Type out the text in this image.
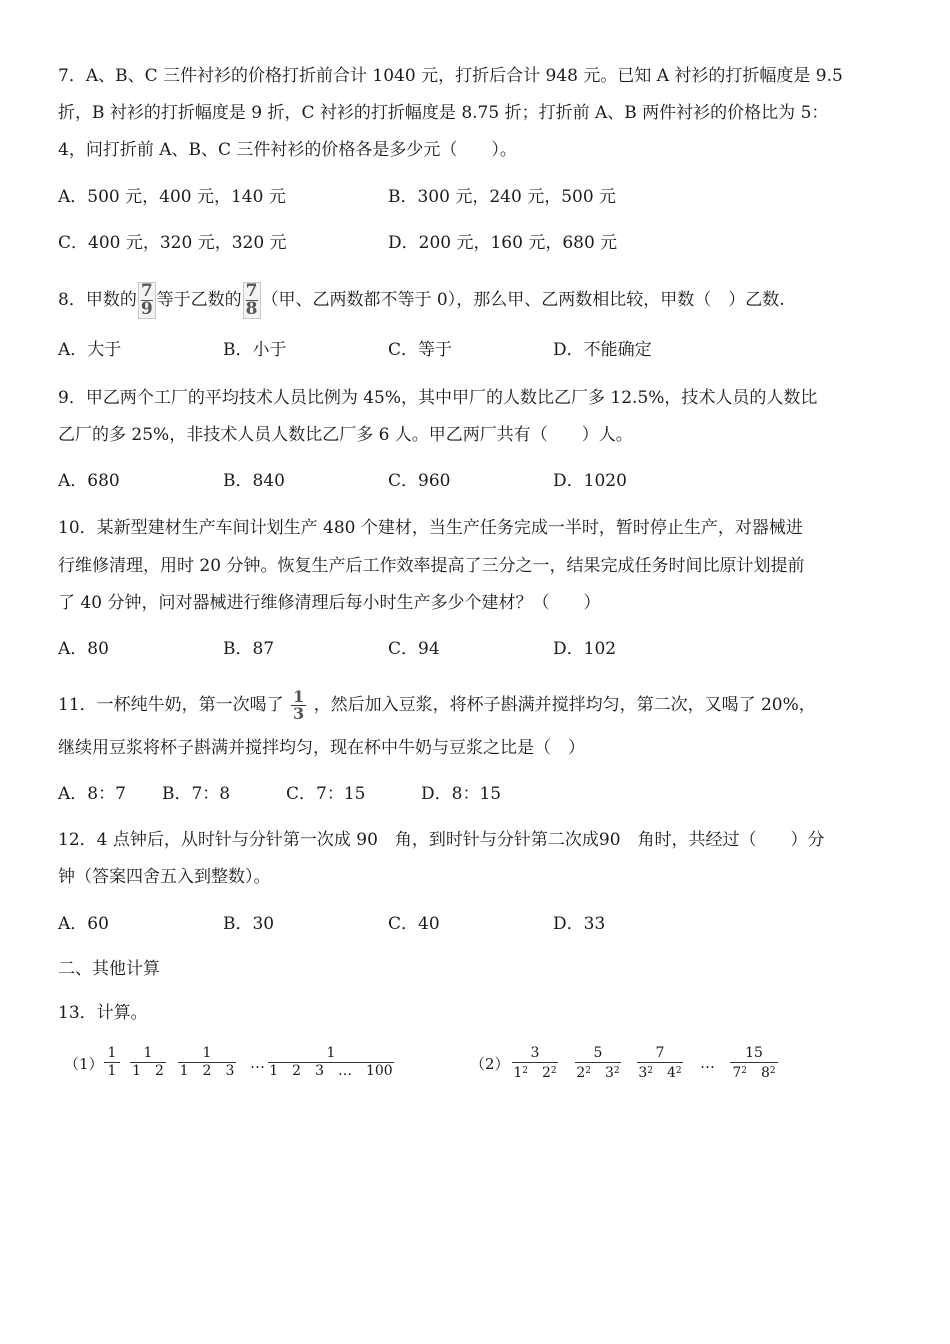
7．A、B、C 三件衬衫的价格打折前合计 1040 元，打折后合计 948 元。已知 A 衬衫的打折幅度是 9.5
折，B 衬衫的打折幅度是 9 折，C 衬衫的打折幅度是 8.75 折；打折前 A、B 两件衬衫的价格比为 5：
4，问打折前 A、B、C 三件衬衫的价格各是多少元（　　）。
A．500 元，400 元，140 元	B．300 元，240 元，500 元
C．400 元，320 元，320 元	D．200 元，160 元，680 元
8．甲数的 $\frac{7}{9}$ 等于乙数的 $\frac{7}{8}$ （甲、乙两数都不等于 0），那么甲、乙两数相比较，甲数（　）乙数.
A．大于	B．小于	C．等于	D．不能确定
9．甲乙两个工厂的平均技术人员比例为 45%，其中甲厂的人数比乙厂多 12.5%，技术人员的人数比
乙厂的多 25%，非技术人员人数比乙厂多 6 人。甲乙两厂共有（　　）人。
A．680	B．840	C．960	D．1020
10．某新型建材生产车间计划生产 480 个建材，当生产任务完成一半时，暂时停止生产，对器械进
行维修清理，用时 20 分钟。恢复生产后工作效率提高了三分之一，结果完成任务时间比原计划提前
了 40 分钟，问对器械进行维修清理后每小时生产多少个建材？（　　）
A．80	B．87	C．94	D．102
11．一杯纯牛奶，第一次喝了 $\frac{1}{3}$ ，然后加入豆浆，将杯子斟满并搅拌均匀，第二次，又喝了 20%，
继续用豆浆将杯子斟满并搅拌均匀，现在杯中牛奶与豆浆之比是（　）
A．8：7 B．7：8	C．7：15	D．8：15
12．4 点钟后，从时针与分针第一次成 90　角，到时针与分针第二次成90　角时，共经过（　　）分
钟（答案四舍五入到整数）。
A．60	B．30	C．40	D．33
二、其他计算
13．计算。
（1）
1
1
1
1　2
1
1　2　3 …
1
1　2　3　…　100	（2）
3
$1^2$  $2^2$
5
$2^2$  $3^2$
7
$3^2$  $4^2$ …
15
$7^2$  $8^2$
